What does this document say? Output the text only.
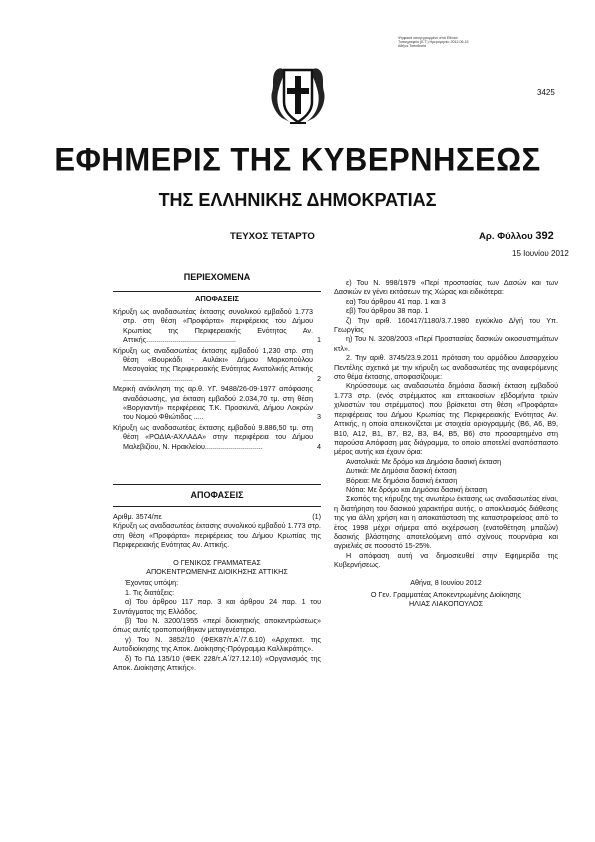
Ψηφιακά υπογεγραμμένο από Εθνικό Τυπογραφείο (Ε.Τ.) Ημερομηνία: 2012.06.15 Αθήνα Τοποθεσία
3425
ΕΦΗΜΕΡΙΣ ΤΗΣ ΚΥΒΕΡΝΗΣΕΩΣ
ΤΗΣ ΕΛΛΗΝΙΚΗΣ ΔΗΜΟΚΡΑΤΙΑΣ
ΤΕΥΧΟΣ ΤΕΤΑΡΤΟ	Αρ. Φύλλου 392
15 Ιουνίου 2012
ΠΕΡΙΕΧΟΜΕΝΑ
ΑΠΟΦΑΣΕΙΣ
Κήρυξη ως αναδασωτέας έκτασης συνολικού εμβαδού 1.773 στρ. στη θέση «Προφάρτα» περιφέρειας του Δήμου Κρωπίας της Περιφερειακής Ενότητας Αν. Αττικής.............................................	1
Κήρυξη ως αναδασωτέας έκτασης εμβαδού 1,230 στρ. στη θέση «Βουρκάδι - Αυλάκι» Δήμου Μαρκοπούλου Μεσογαίας της Περιφερειακής Ενότητας Ανατολικής Αττικής ...................................	2
Μερική ανάκληση της αρ.θ. ΥΓ. 9488/26-09-1977 απόφασης αναδάσωσης, για έκταση εμβαδού 2.034,70 τμ. στη θέση «Βοργιαντή» περιφέρειας Τ.Κ. Προσκυνά, Δήμου Λοκρών του Νομού Φθιώτιδας .....	3
Κήρυξη ως αναδασωτέας έκτασης εμβαδού 9.886,50 τμ. στη θέση «ΡΟΔΙΑ-ΑΧΛΑΔΑ» στην περιφέρεια του Δήμου Μαλεβιζίου, Ν. Ηρακλείου.............................	4
ΑΠΟΦΑΣΕΙΣ
Αριθμ. 3574/πε	(1)

Κήρυξη ως αναδασωτέας έκτασης συνολικού εμβαδού 1.773 στρ. στη θέση «Προφάρτα» περιφέρειας του Δήμου Κρωπίας της Περιφερειακής Ενότητας Αν. Αττικής.

Ο ΓΕΝΙΚΟΣ ΓΡΑΜΜΑΤΕΑΣ

ΑΠΟΚΕΝΤΡΩΜΕΝΗΣ ΔΙΟΙΚΗΣΗΣ ΑΤΤΙΚΗΣ

Έχοντας υπόψη:

1. Τις διατάξεις:

α) Του άρθρου 117 παρ. 3 και άρθρου 24 παρ. 1 του Συντάγματος της Ελλάδος.

β) Του Ν. 3200/1955 «περί διοικητικής αποκεντρώσεως» όπως αυτές τροποποιήθηκαν μεταγενέστερα.

γ) Του Ν. 3852/10 (ΦΕΚ87/τ.Α΄/7.6.10) «Αρχιτεκτ. της Αυτοδιοίκησης της Αποκ. Διοίκησης-Πρόγραμμα Καλλικράτης».

δ) Το ΠΔ 135/10 (ΦΕΚ 228/τ.Α΄/27.12.10) «Οργανισμός της Αποκ. Διοίκησης Αττικής».

ε) Του Ν. 998/1979 «Περί προστασίας των Δασών και των Δασικών εν γένει εκτάσεων της Χώρας και ειδικότερα:

εα) Του άρθρου 41 παρ. 1 και 3

εβ) Του άρθρου 38 παρ. 1

ζ) Την αριθ. 160417/1180/3.7.1980 εγκύκλιο Δ/γή του Υπ. Γεωργίας

η) Του Ν. 3208/2003 «Περί Προστασίας δασικών οικοσυστημάτων κτλ».

2. Την αριθ. 3745/23.9.2011 πρόταση του αρμόδιου Δασαρχείου Πεντέλης σχετικά με την κήρυξη ως αναδασωτέας της αναφερόμενης στο θέμα έκτασης, αποφασίζουμε:

Κηρύσσουμε ως αναδασωτέα δημόσια δασική έκταση εμβαδού 1.773 στρ. (ενός στρέμματος και επτακοσίων εβδομήντα τριών χιλιοστών του στρέμματος) που βρίσκεται στη θέση «Προφάρτα» περιφέρειας του Δήμου Κρωπίας της Περιφερειακής Ενότητας Αν. Αττικής, η οποία απεικονίζεται με στοιχεία οριογραμμής (Β6, Α6, Β9, Β10, Α12, Β1, Β7, Β2, Β3, Β4, Β5, Β6) στο προσαρτημένο στη παρούσα Απόφαση μας διάγραμμα, το οποίο αποτελεί αναπόσπαστο μέρος αυτής και έχουν όρια:

Ανατολικά: Με δρόμο και Δημόσια δασική έκταση

Δυτικά: Με Δημόσια δασική έκταση

Βόρεια: Με δημόσια δασική έκταση

Νότια: Με δρόμο και Δημόσια δασική έκταση

Σκοπός της κήρυξης της ανωτέρω έκτασης ως αναδασωτέας είναι, η διατήρηση του δασικού χαρακτήρα αυτής, ο αποκλεισμός διάθεσης της για άλλη χρήση και η αποκατάσταση της καταστραφείσας από το έτος 1998 μέχρι σήμερα από εκχέρσωση (ενατοθέτηση μπαζών) δασικής βλάστησης αποτελούμενη από σχίνους πουρνάρια και αγριελιές σε ποσοστό 15-25%.

Η απόφαση αυτή να δημοσιευθεί στην Εφημερίδα της Κυβερνήσεως.

Αθήνα, 8 Ιουνίου 2012

Ο Γεν. Γραμματέας Αποκεντρωμένης Διοίκησης

ΗΛΙΑΣ ΛΙΑΚΟΠΟΥΛΟΣ
